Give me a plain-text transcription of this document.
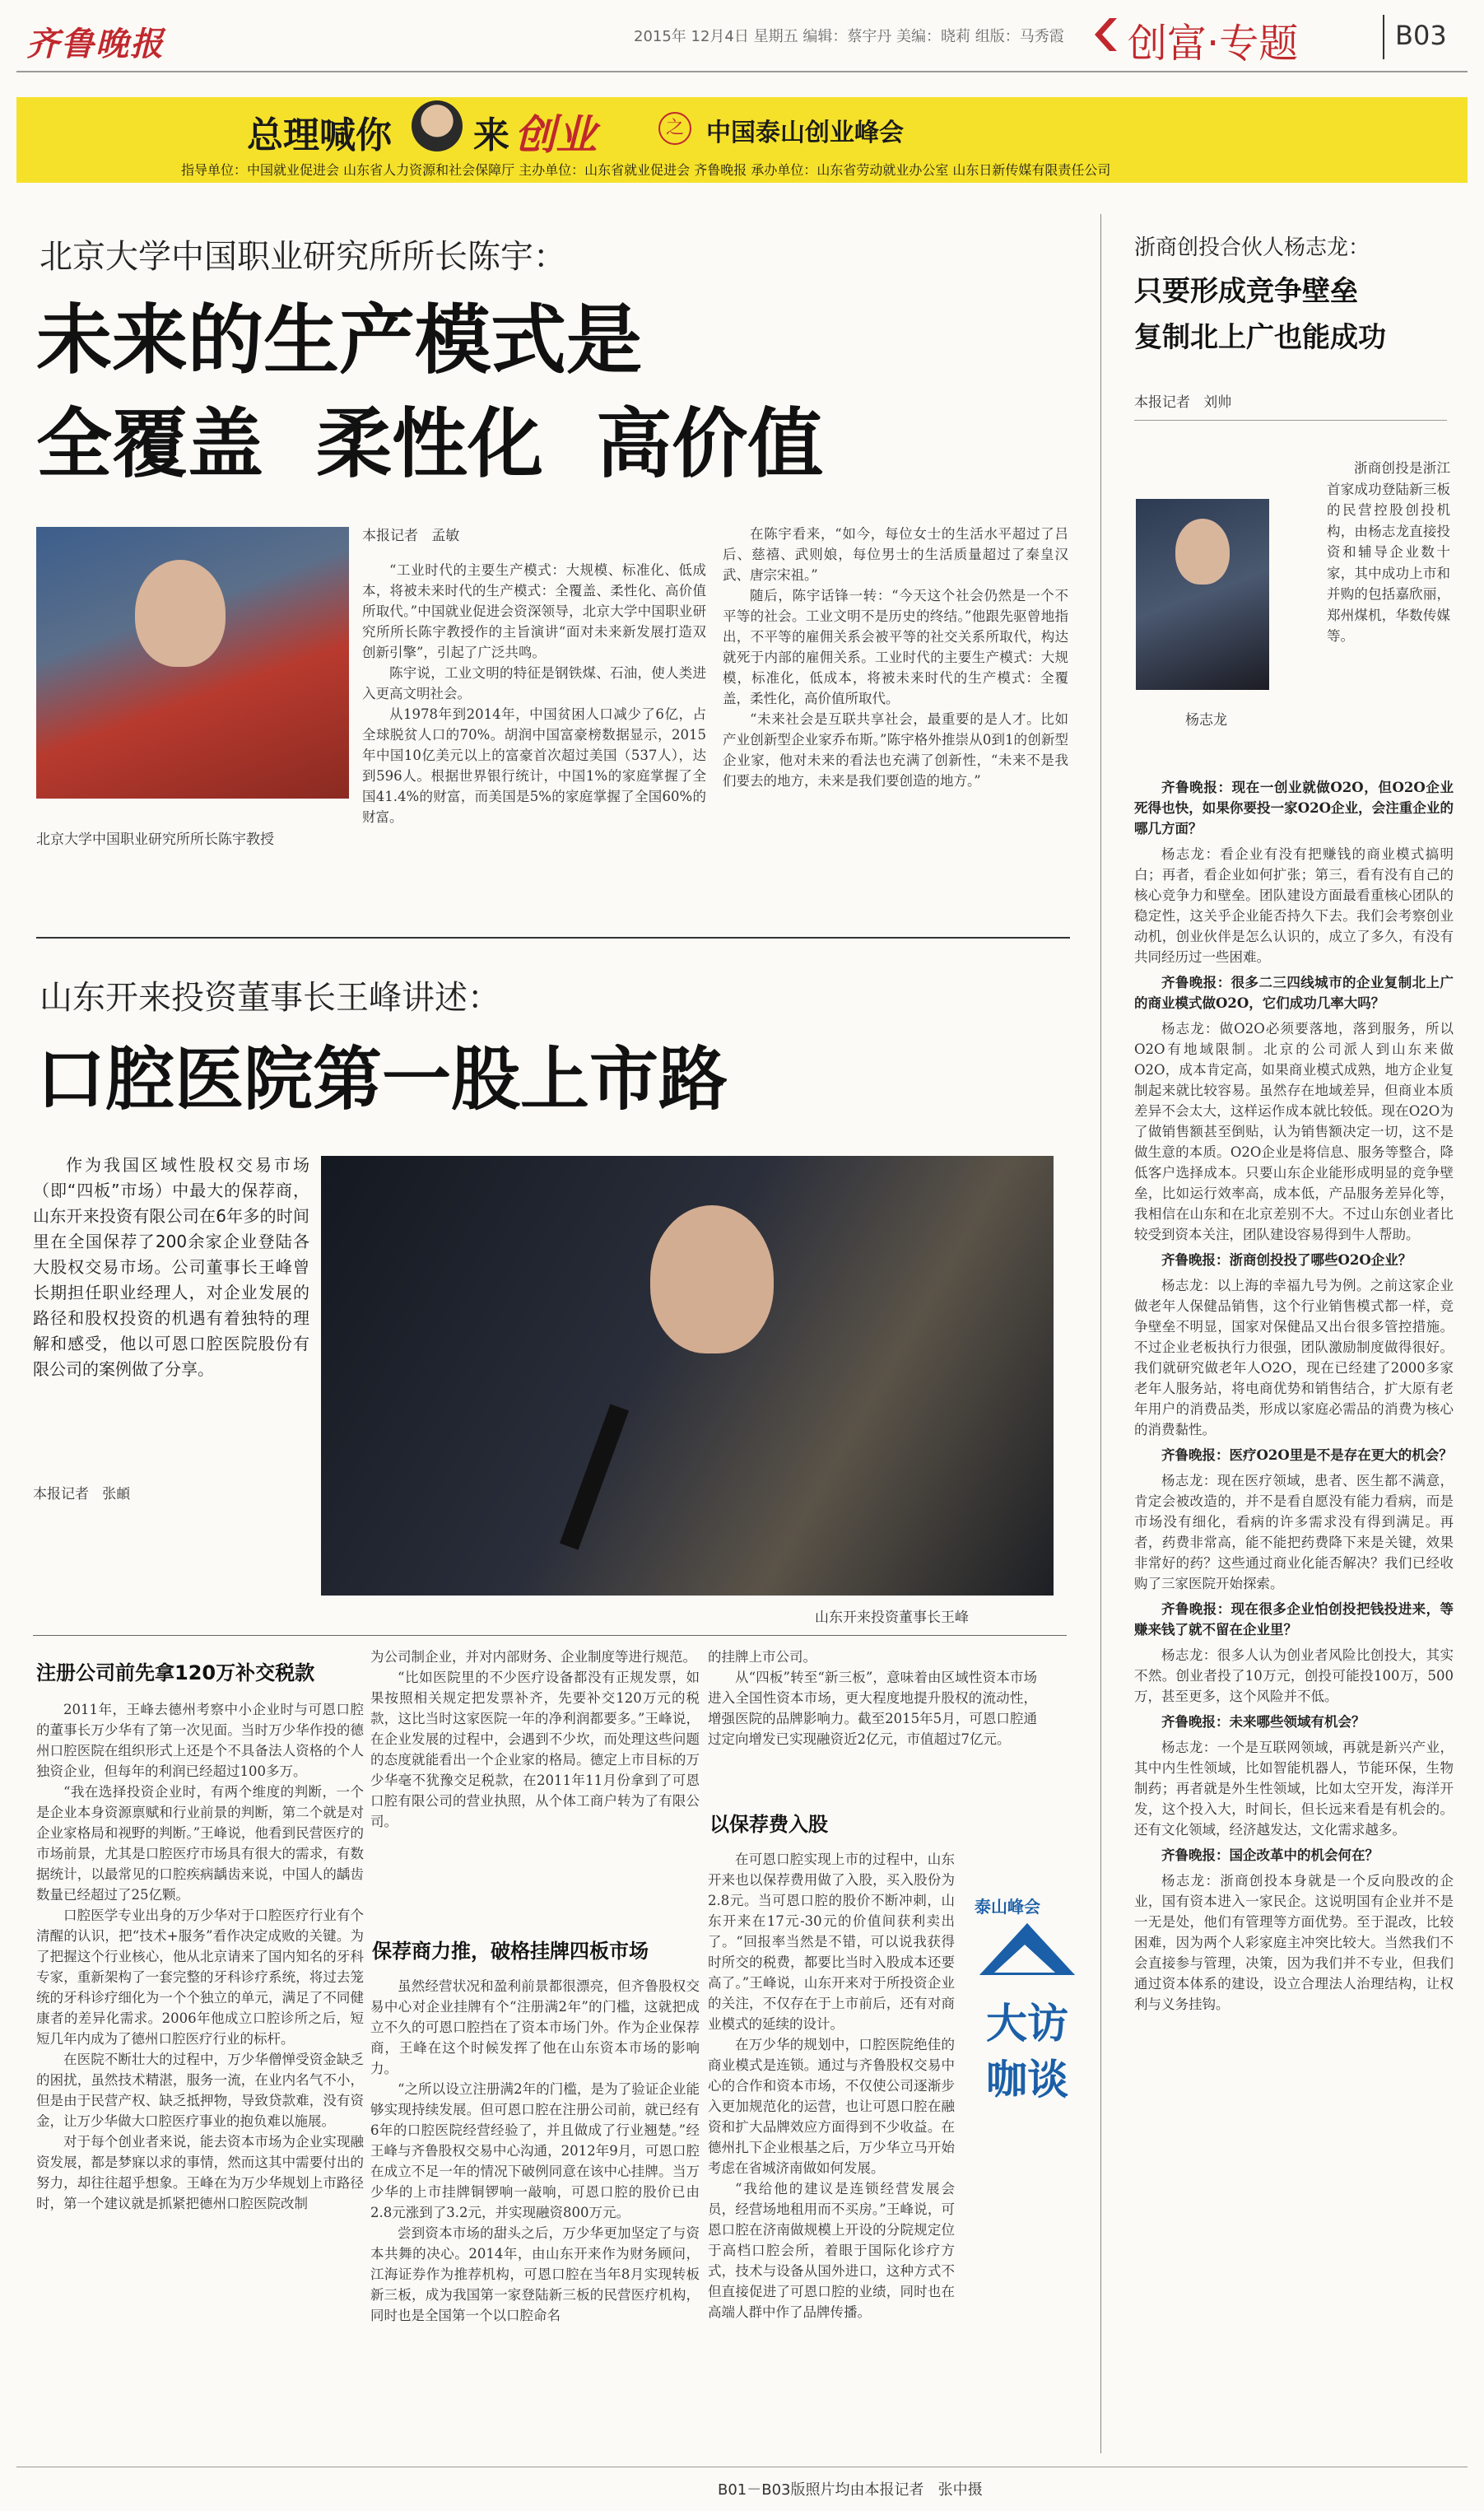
齐鲁晚报	2015年 12月4日 星期五 编辑：蔡宇丹 美编：晓莉 组版：马秀霞 创富·专题	B03
总理喊你 来 创业	之 中国泰山创业峰会
指导单位：中国就业促进会 山东省人力资源和社会保障厅 主办单位：山东省就业促进会 齐鲁晚报 承办单位：山东省劳动就业办公室 山东日新传媒有限责任公司
北京大学中国职业研究所所长陈宇：
未来的生产模式是
全覆盖  柔性化  高价值
北京大学中国职业研究所所长陈宇教授
本报记者   孟敏

“工业时代的主要生产模式：大规模、标准化、低成本，将被未来时代的生产模式：全覆盖、柔性化、高价值所取代。”中国就业促进会资深领导，北京大学中国职业研究所所长陈宇教授作的主旨演讲“面对未来新发展打造双创新引擎”，引起了广泛共鸣。

陈宇说，工业文明的特征是钢铁煤、石油，使人类进入更高文明社会。

从1978年到2014年，中国贫困人口减少了6亿，占全球脱贫人口的70%。胡润中国富豪榜数据显示，2015年中国10亿美元以上的富豪首次超过美国（537人），达到596人。根据世界银行统计，中国1%的家庭掌握了全国41.4%的财富，而美国是5%的家庭掌握了全国60%的财富。

在陈宇看来，“如今，每位女士的生活水平超过了吕后、慈禧、武则娘，每位男士的生活质量超过了秦皇汉武、唐宗宋祖。”

随后，陈宇话锋一转：“今天这个社会仍然是一个不平等的社会。工业文明不是历史的终结。”他跟先驱曾地指出，不平等的雇佣关系会被平等的社交关系所取代，构达就死于内部的雇佣关系。工业时代的主要生产模式：大规模，标准化，低成本，将被未来时代的生产模式：全覆盖，柔性化，高价值所取代。

“未来社会是互联共享社会，最重要的是人才。比如产业创新型企业家乔布斯。”陈宇格外推崇从0到1的创新型企业家，他对未来的看法也充满了创新性，“未来不是我们要去的地方，未来是我们要创造的地方。”

山东开来投资董事长王峰讲述：
口腔医院第一股上市路
作为我国区域性股权交易市场（即“四板”市场）中最大的保荐商，山东开来投资有限公司在6年多的时间里在全国保荐了200余家企业登陆各大股权交易市场。公司董事长王峰曾长期担任职业经理人，对企业发展的路径和股权投资的机遇有着独特的理解和感受，他以可恩口腔医院股份有限公司的案例做了分享。
本报记者   张頔
山东开来投资董事长王峰
注册公司前先拿120万补交税款

2011年，王峰去德州考察中小企业时与可恩口腔的董事长万少华有了第一次见面。当时万少华作投的德州口腔医院在组织形式上还是个不具备法人资格的个人独资企业，但每年的利润已经超过100多万。

“我在选择投资企业时，有两个维度的判断，一个是企业本身资源禀赋和行业前景的判断，第二个就是对企业家格局和视野的判断。”王峰说，他看到民营医疗的市场前景，尤其是口腔医疗市场具有很大的需求，有数据统计，以最常见的口腔疾病龋齿来说，中国人的龋齿数量已经超过了25亿颗。

口腔医学专业出身的万少华对于口腔医疗行业有个清醒的认识，把“技术+服务”看作决定成败的关键。为了把握这个行业核心，他从北京请来了国内知名的牙科专家，重新架构了一套完整的牙科诊疗系统，将过去笼统的牙科诊疗细化为一个个独立的单元，满足了不同健康者的差异化需求。2006年他成立口腔诊所之后，短短几年内成为了德州口腔医疗行业的标杆。

在医院不断壮大的过程中，万少华僧惮受资金缺乏的困扰，虽然技术精湛，服务一流，在业内名气不小，但是由于民营产权、缺乏抵押物，导致贷款难，没有资金，让万少华做大口腔医疗事业的抱负难以施展。

对于每个创业者来说，能去资本市场为企业实现融资发展，都是梦寐以求的事情，然而这其中需要付出的努力，却往往超乎想象。王峰在为万少华规划上市路径时，第一个建议就是抓紧把德州口腔医院改制

为公司制企业，并对内部财务、企业制度等进行规范。

“比如医院里的不少医疗设备都没有正规发票，如果按照相关规定把发票补齐，先要补交120万元的税款，这比当时这家医院一年的净利润都要多。”王峰说，在企业发展的过程中，会遇到不少坎，而处理这些问题的态度就能看出一个企业家的格局。德定上市目标的万少华毫不犹豫交足税款，在2011年11月份拿到了可恩口腔有限公司的营业执照，从个体工商户转为了有限公司。

保荐商力推，破格挂牌四板市场

虽然经营状况和盈利前景都很漂亮，但齐鲁股权交易中心对企业挂牌有个“注册满2年”的门槛，这就把成立不久的可恩口腔挡在了资本市场门外。作为企业保荐商，王峰在这个时候发挥了他在山东资本市场的影响力。

“之所以设立注册满2年的门槛，是为了验证企业能够实现持续发展。但可恩口腔在注册公司前，就已经有6年的口腔医院经营经验了，并且做成了行业翘楚。”经王峰与齐鲁股权交易中心沟通，2012年9月，可恩口腔在成立不足一年的情况下破例同意在该中心挂牌。当万少华的上市挂牌铜锣响一敲响，可恩口腔的股价已由2.8元涨到了3.2元，并实现融资800万元。

尝到资本市场的甜头之后，万少华更加坚定了与资本共舞的决心。2014年，由山东开来作为财务顾问，江海证券作为推荐机构，可恩口腔在当年8月实现转板新三板，成为我国第一家登陆新三板的民营医疗机构，同时也是全国第一个以口腔命名

的挂牌上市公司。

从“四板”转至“新三板”，意味着由区域性资本市场进入全国性资本市场，更大程度地提升股权的流动性，增强医院的品牌影响力。截至2015年5月，可恩口腔通过定向增发已实现融资近2亿元，市值超过7亿元。

以保荐费入股

在可恩口腔实现上市的过程中，山东开来也以保荐费用做了入股，买入股份为2.8元。当可恩口腔的股价不断冲刺，山东开来在17元-30元的价值间获利卖出了。“回报率当然是不错，可以说我获得时所交的税费，都要比当时入股成本还要高了。”王峰说，山东开来对于所投资企业的关注，不仅存在于上市前后，还有对商业模式的延续的设计。

在万少华的规划中，口腔医院绝佳的商业模式是连锁。通过与齐鲁股权交易中心的合作和资本市场，不仅使公司逐渐步入更加规范化的运营，也让可恩口腔在融资和扩大品牌效应方面得到不少收益。在德州扎下企业根基之后，万少华立马开始考虑在省城济南做如何发展。

“我给他的建议是连锁经营发展会员，经营场地租用而不买房。”王峰说，可恩口腔在济南做规模上开设的分院规定位于高档口腔会所，着眼于国际化诊疗方式，技术与设备从国外进口，这种方式不但直接促进了可恩口腔的业绩，同时也在高端人群中作了品牌传播。

泰山峰会
大访
咖谈
浙商创投合伙人杨志龙：
只要形成竞争壁垒
复制北上广也能成功
本报记者   刘帅
杨志龙
浙商创投是浙江首家成功登陆新三板的民营控股创投机构，由杨志龙直接投资和辅导企业数十家，其中成功上市和并购的包括嘉欣丽，郑州煤机，华数传媒等。

齐鲁晚报：现在一创业就做O2O，但O2O企业死得也快，如果你要投一家O2O企业，会注重企业的哪几方面？

杨志龙：看企业有没有把赚钱的商业模式搞明白；再者，看企业如何扩张；第三，看有没有自己的核心竞争力和壁垒。团队建设方面最看重核心团队的稳定性，这关乎企业能否持久下去。我们会考察创业动机，创业伙伴是怎么认识的，成立了多久，有没有共同经历过一些困难。

齐鲁晚报：很多二三四线城市的企业复制北上广的商业模式做O2O，它们成功几率大吗？

杨志龙：做O2O必须要落地，落到服务，所以O2O有地域限制。北京的公司派人到山东来做O2O，成本肯定高，如果商业模式成熟，地方企业复制起来就比较容易。虽然存在地域差异，但商业本质差异不会太大，这样运作成本就比较低。现在O2O为了做销售额甚至倒贴，认为销售额决定一切，这不是做生意的本质。O2O企业是将信息、服务等整合，降低客户选择成本。只要山东企业能形成明显的竞争壁垒，比如运行效率高，成本低，产品服务差异化等，我相信在山东和在北京差别不大。不过山东创业者比较受到资本关注，团队建设容易得到牛人帮助。

齐鲁晚报：浙商创投投了哪些O2O企业？

杨志龙：以上海的幸福九号为例。之前这家企业做老年人保健品销售，这个行业销售模式都一样，竞争壁垒不明显，国家对保健品又出台很多管控措施。不过企业老板执行力很强，团队激励制度做得很好。我们就研究做老年人O2O，现在已经建了2000多家老年人服务站，将电商优势和销售结合，扩大原有老年用户的消费品类，形成以家庭必需品的消费为核心的消费黏性。

齐鲁晚报：医疗O2O里是不是存在更大的机会？

杨志龙：现在医疗领域，患者、医生都不满意，肯定会被改造的，并不是看自愿没有能力看病，而是市场没有细化，看病的许多需求没有得到满足。再者，药费非常高，能不能把药费降下来是关键，效果非常好的药？这些通过商业化能否解决？我们已经收购了三家医院开始探索。

齐鲁晚报：现在很多企业怕创投把钱投进来，等赚来钱了就不留在企业里？

杨志龙：很多人认为创业者风险比创投大，其实不然。创业者投了10万元，创投可能投100万，500万，甚至更多，这个风险并不低。

齐鲁晚报：未来哪些领域有机会？

杨志龙：一个是互联网领域，再就是新兴产业，其中内生性领域，比如智能机器人，节能环保，生物制药；再者就是外生性领域，比如太空开发，海洋开发，这个投入大，时间长，但长远来看是有机会的。还有文化领域，经济越发达，文化需求越多。

齐鲁晚报：国企改革中的机会何在？

杨志龙：浙商创投本身就是一个反向股改的企业，国有资本进入一家民企。这说明国有企业并不是一无是处，他们有管理等方面优势。至于混改，比较困难，因为两个人彩家庭主冲突比较大。当然我们不会直接参与管理，决策，因为我们并不专业，但我们通过资本体系的建设，设立合理法人治理结构，让权利与义务挂钩。

B01－B03版照片均由本报记者   张中摄
